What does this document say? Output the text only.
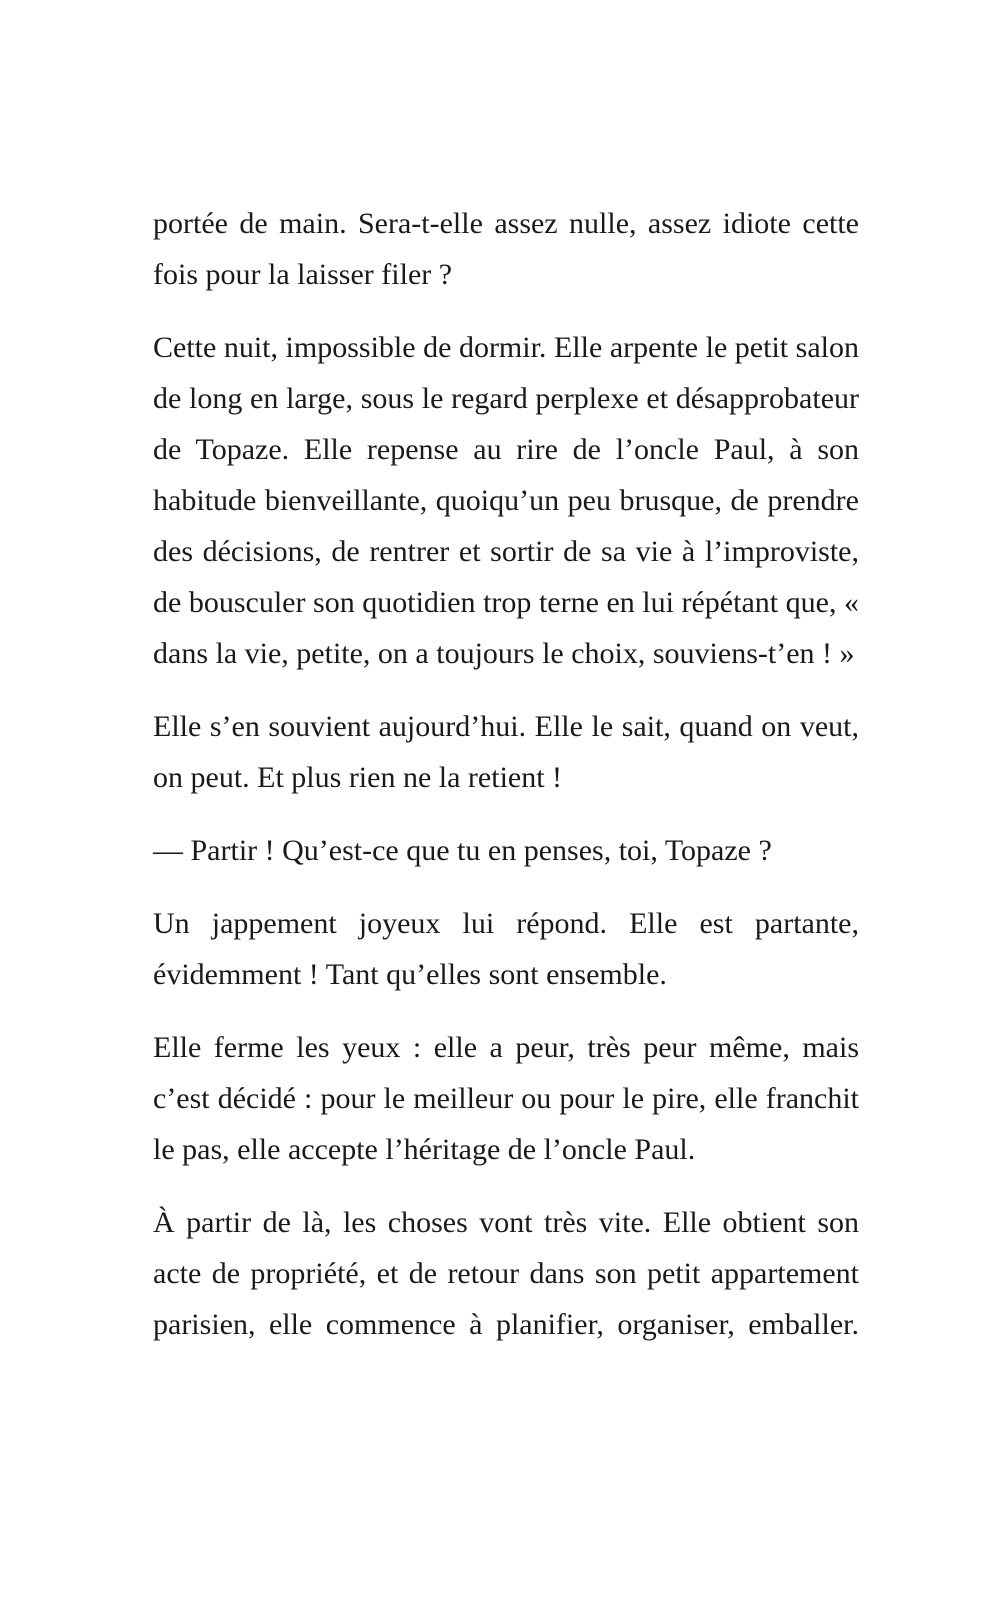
portée de main. Sera-t-elle assez nulle, assez idiote cette fois pour la laisser filer ?

Cette nuit, impossible de dormir. Elle arpente le petit salon de long en large, sous le regard perplexe et désapprobateur de Topaze. Elle repense au rire de l’oncle Paul, à son habitude bienveillante, quoiqu’un peu brusque, de prendre des décisions, de rentrer et sortir de sa vie à l’improviste, de bousculer son quotidien trop terne en lui répétant que, « dans la vie, petite, on a toujours le choix, souviens-t’en ! »

Elle s’en souvient aujourd’hui. Elle le sait, quand on veut, on peut. Et plus rien ne la retient !

— Partir ! Qu’est-ce que tu en penses, toi, Topaze ?

Un jappement joyeux lui répond. Elle est partante, évidemment ! Tant qu’elles sont ensemble.

Elle ferme les yeux : elle a peur, très peur même, mais c’est décidé : pour le meilleur ou pour le pire, elle franchit le pas, elle accepte l’héritage de l’oncle Paul.

À partir de là, les choses vont très vite. Elle obtient son acte de propriété, et de retour dans son petit appartement parisien, elle commence à planifier, organiser, emballer.
